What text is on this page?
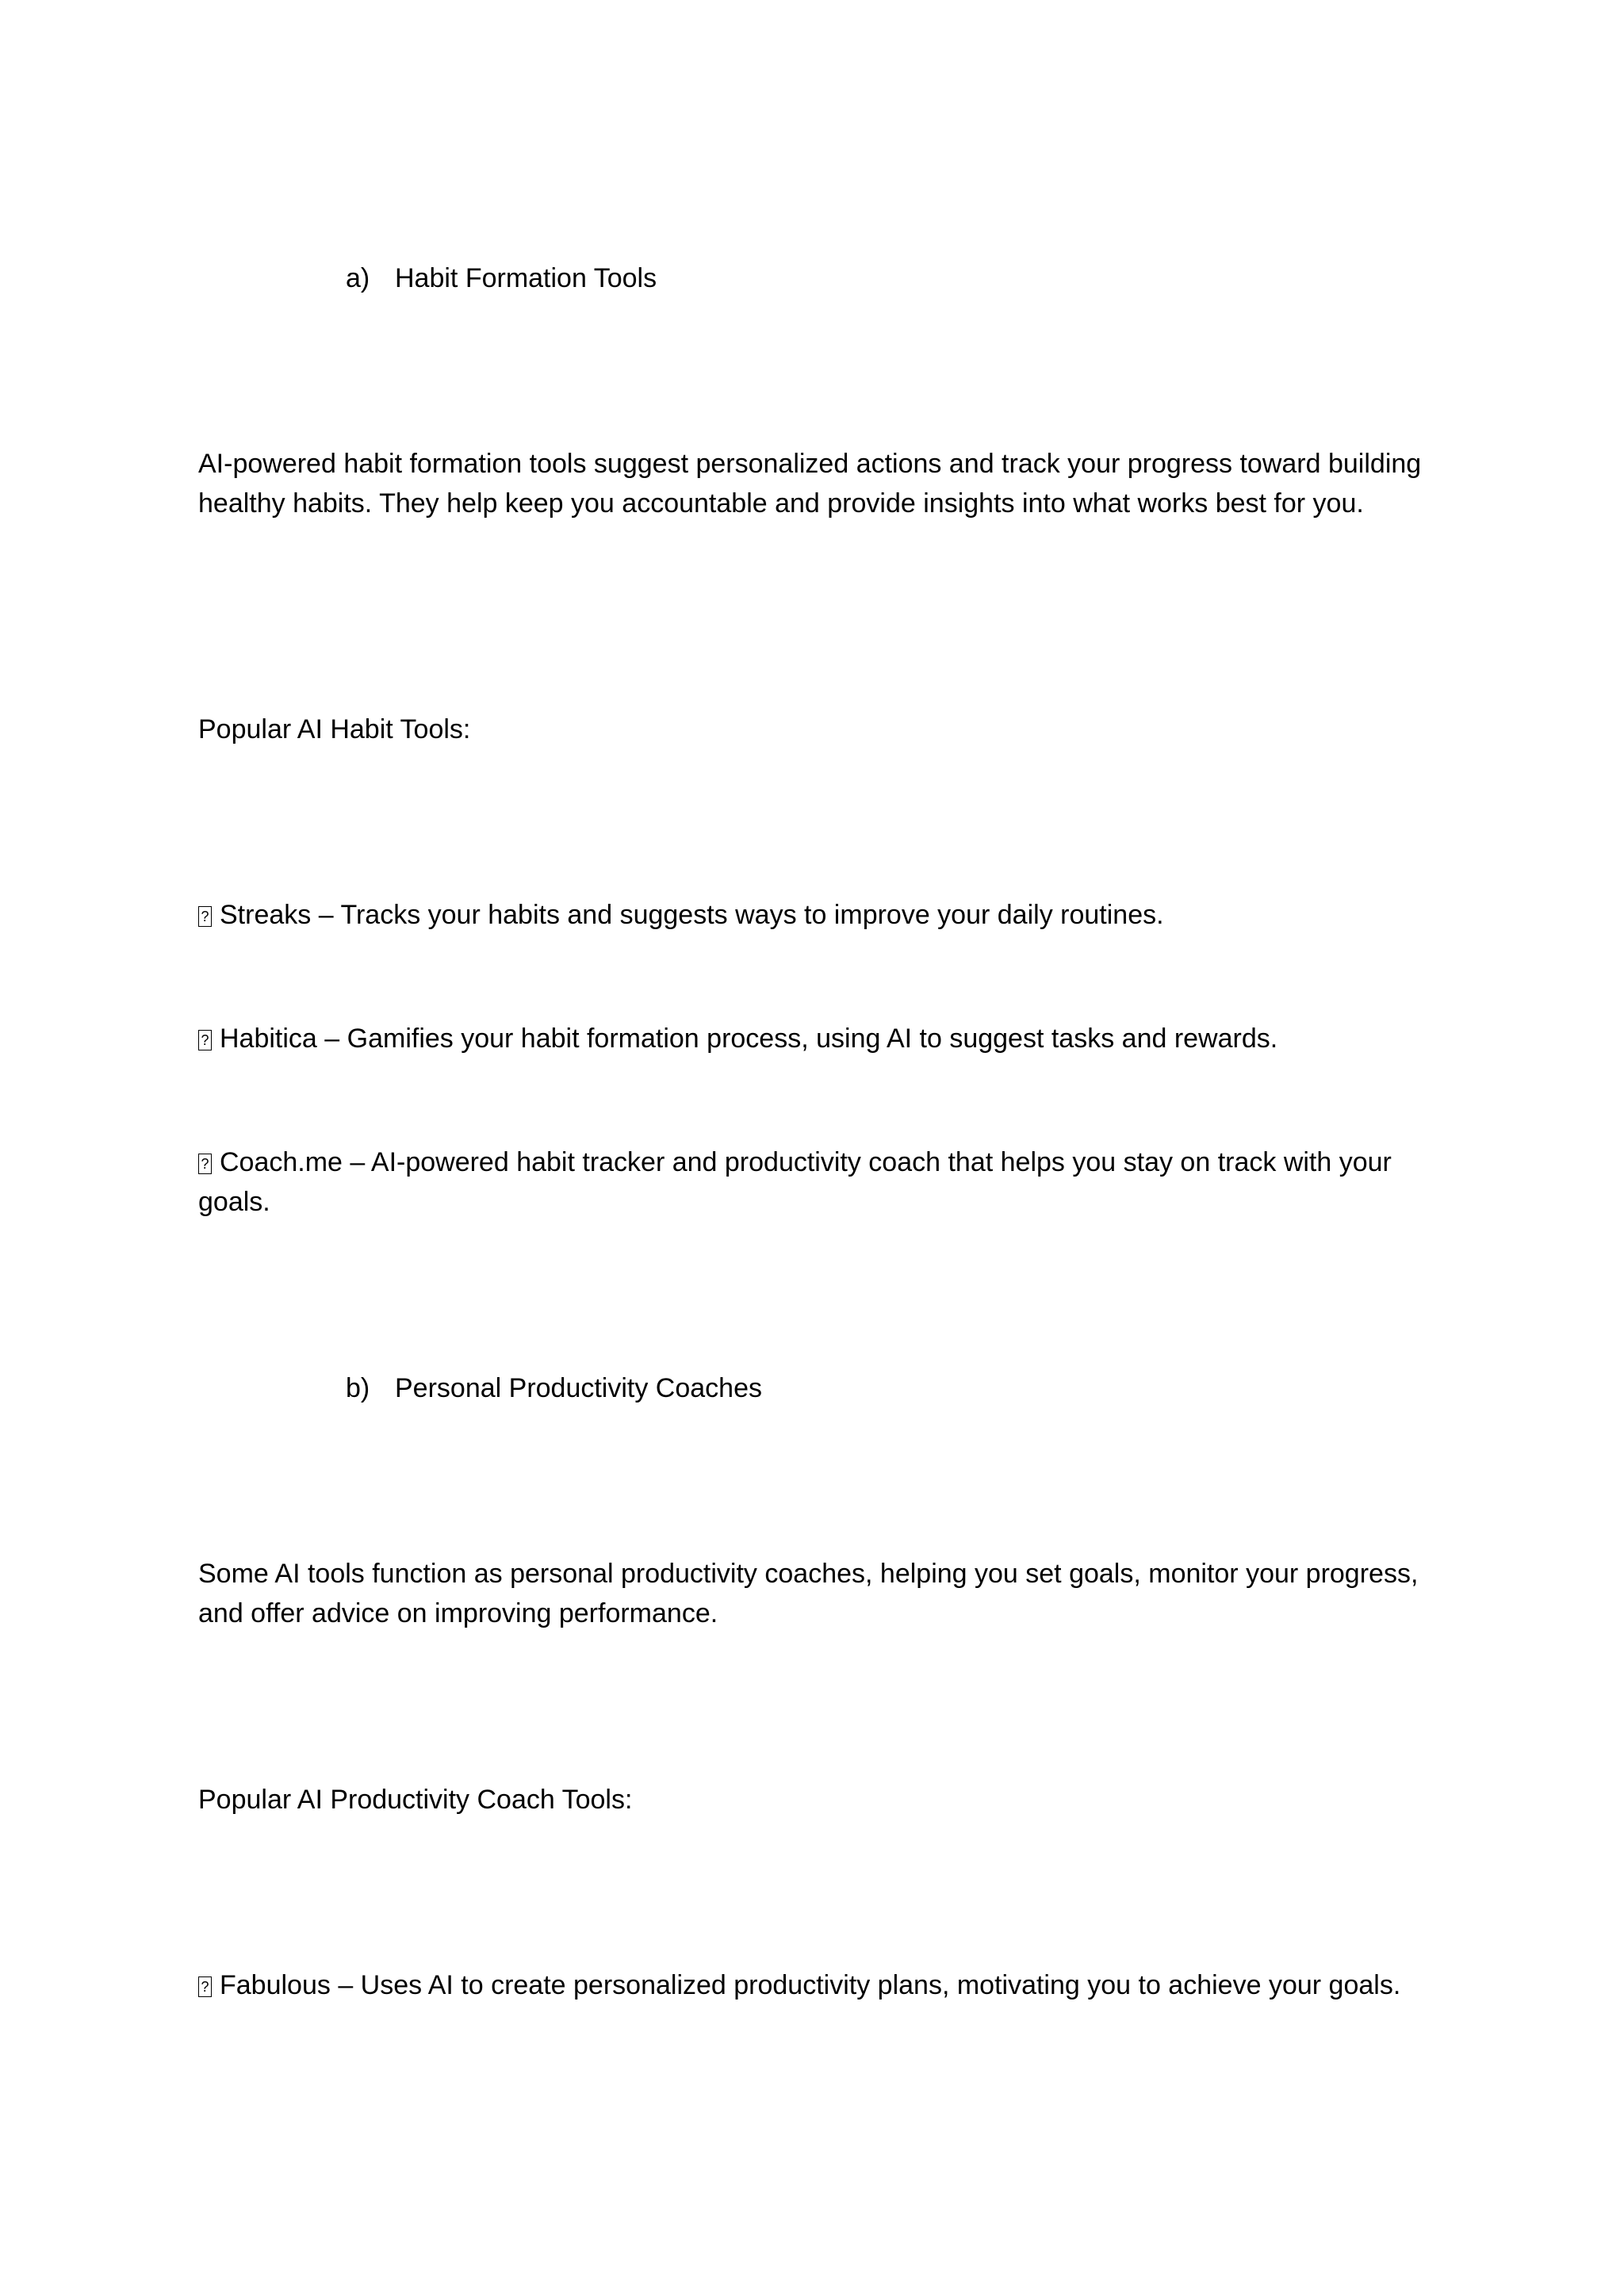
a) Habit Formation Tools
AI-powered habit formation tools suggest personalized actions and track your progress toward building healthy habits. They help keep you accountable and provide insights into what works best for you.
Popular AI Habit Tools:
?Streaks – Tracks your habits and suggests ways to improve your daily routines.
?Habitica – Gamifies your habit formation process, using AI to suggest tasks and rewards.
?Coach.me – AI-powered habit tracker and productivity coach that helps you stay on track with your goals.
b) Personal Productivity Coaches
Some AI tools function as personal productivity coaches, helping you set goals, monitor your progress, and offer advice on improving performance.
Popular AI Productivity Coach Tools:
?Fabulous – Uses AI to create personalized productivity plans, motivating you to achieve your goals.
